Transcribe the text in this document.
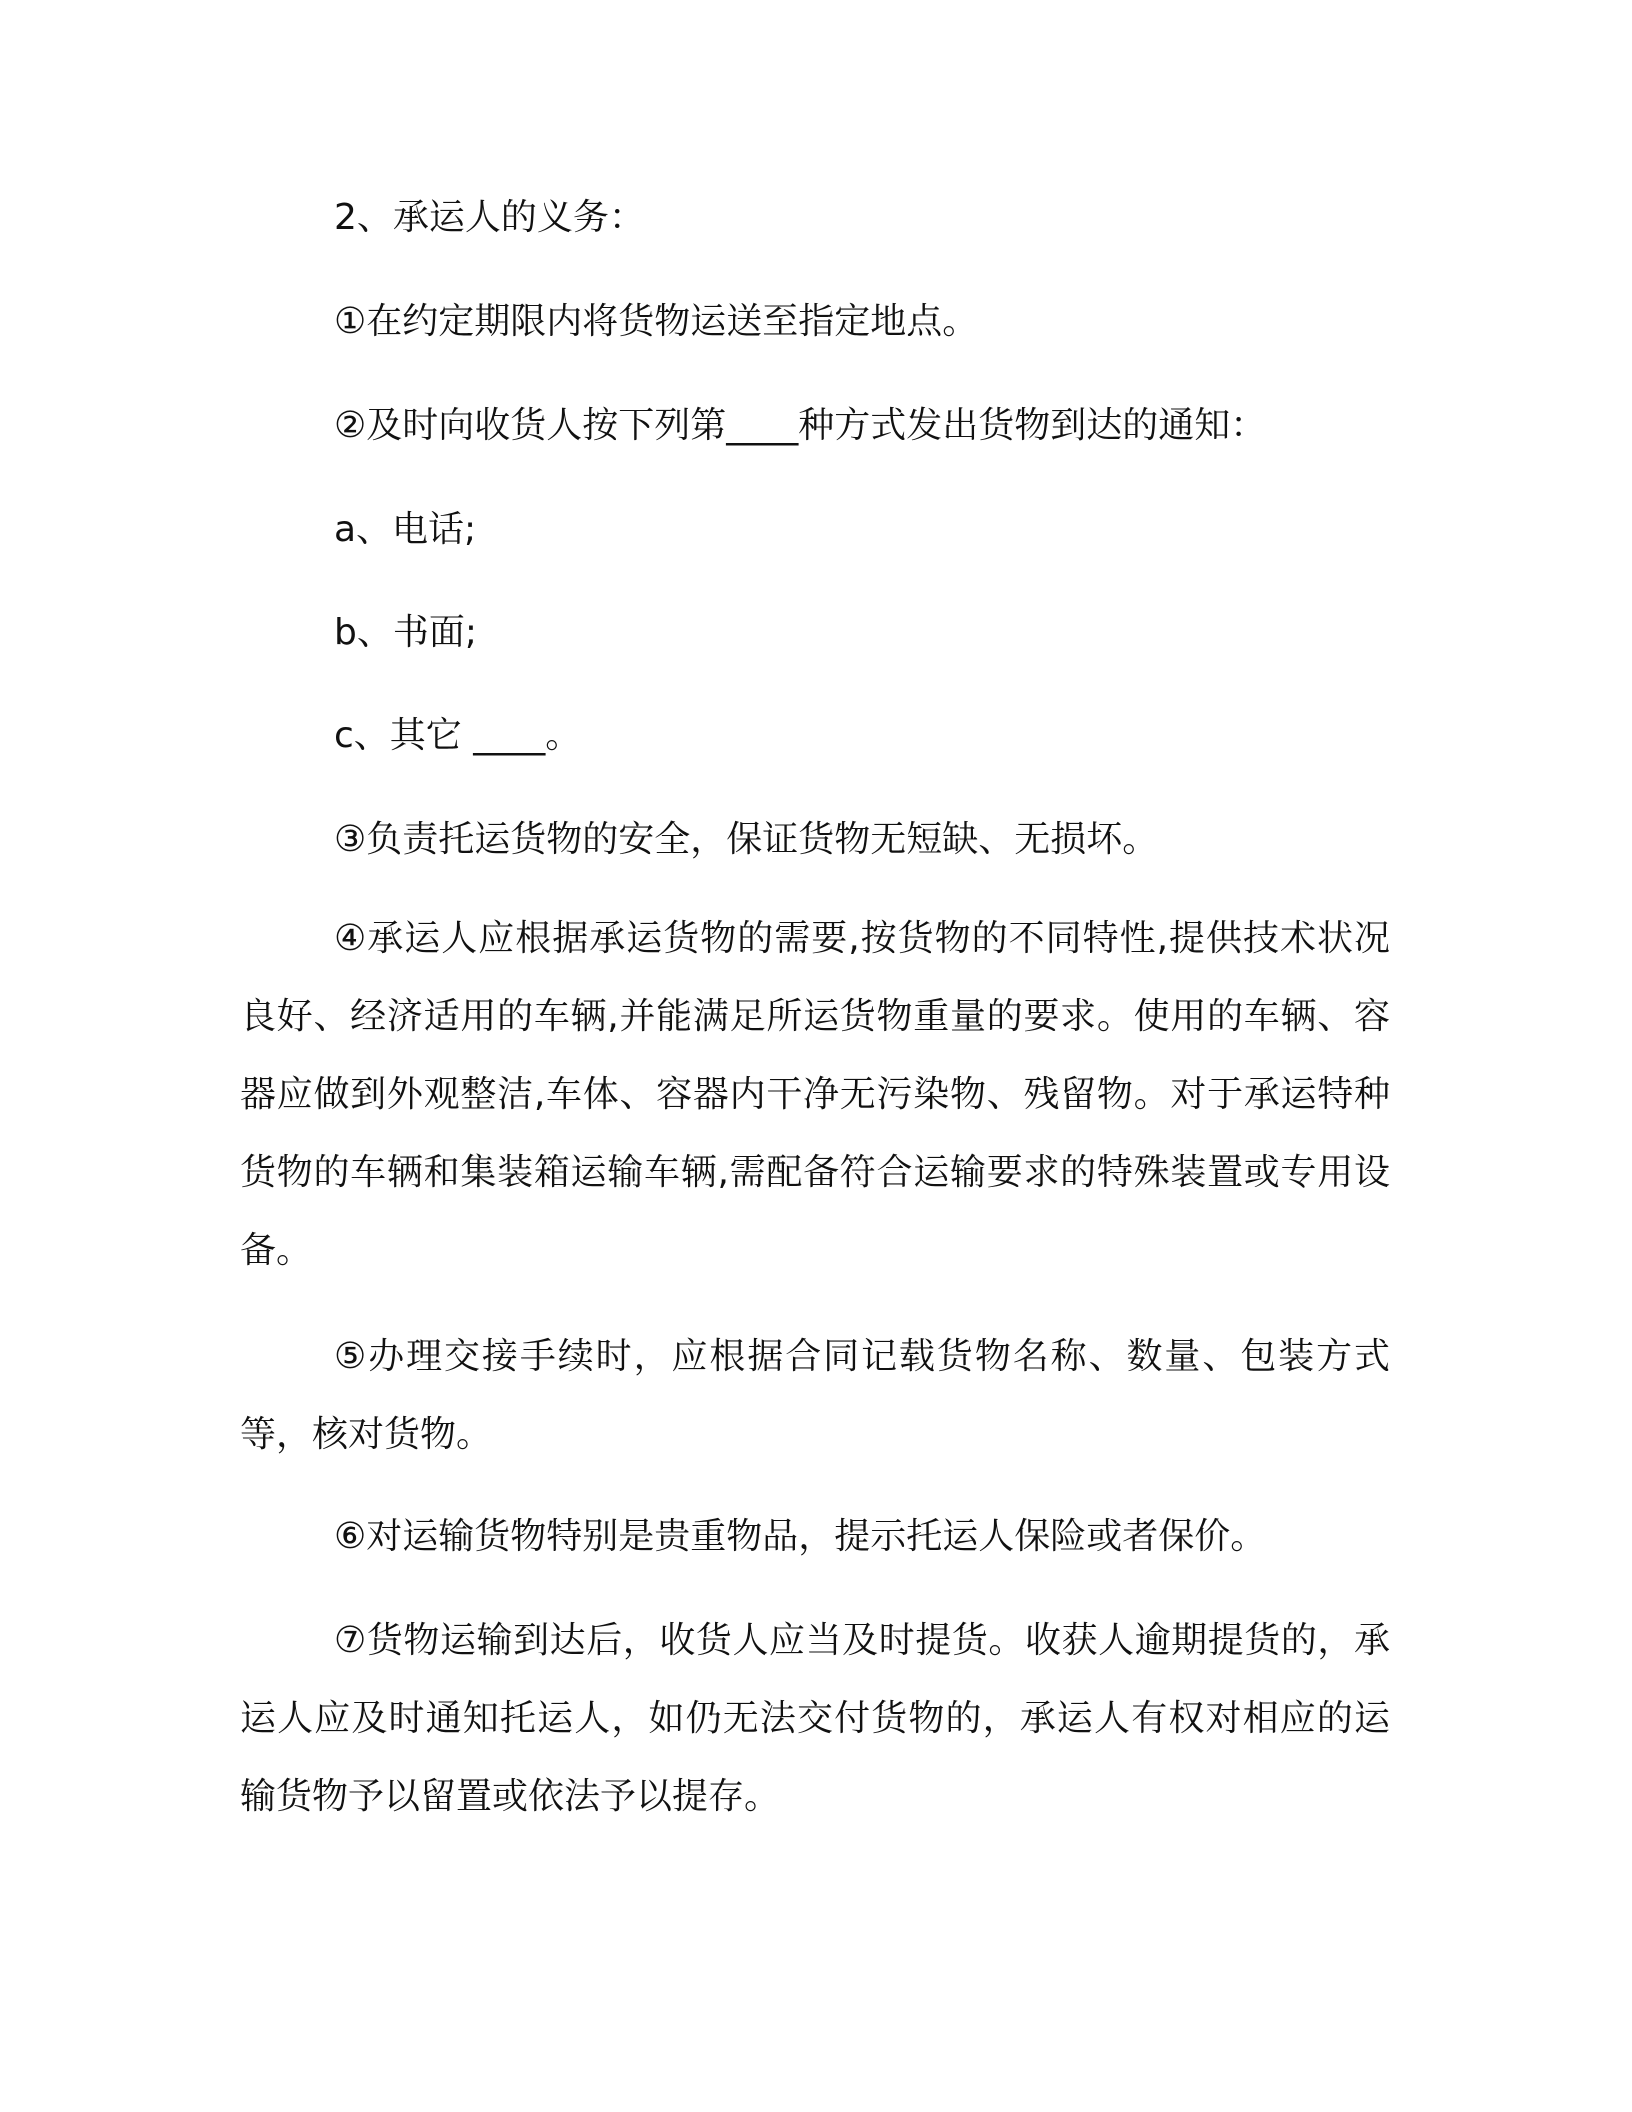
2、承运人的义务：
①在约定期限内将货物运送至指定地点。
②及时向收货人按下列第____种方式发出货物到达的通知：
a、电话;
b、书面;
c、其它 ____。
③负责托运货物的安全，保证货物无短缺、无损坏。
④承运人应根据承运货物的需要,按货物的不同特性,提供技术状况良好、经济适用的车辆,并能满足所运货物重量的要求。使用的车辆、容器应做到外观整洁,车体、容器内干净无污染物、残留物。对于承运特种货物的车辆和集装箱运输车辆,需配备符合运输要求的特殊装置或专用设备。
⑤办理交接手续时，应根据合同记载货物名称、数量、包装方式等，核对货物。
⑥对运输货物特别是贵重物品，提示托运人保险或者保价。
⑦货物运输到达后，收货人应当及时提货。收获人逾期提货的，承运人应及时通知托运人，如仍无法交付货物的，承运人有权对相应的运输货物予以留置或依法予以提存。
